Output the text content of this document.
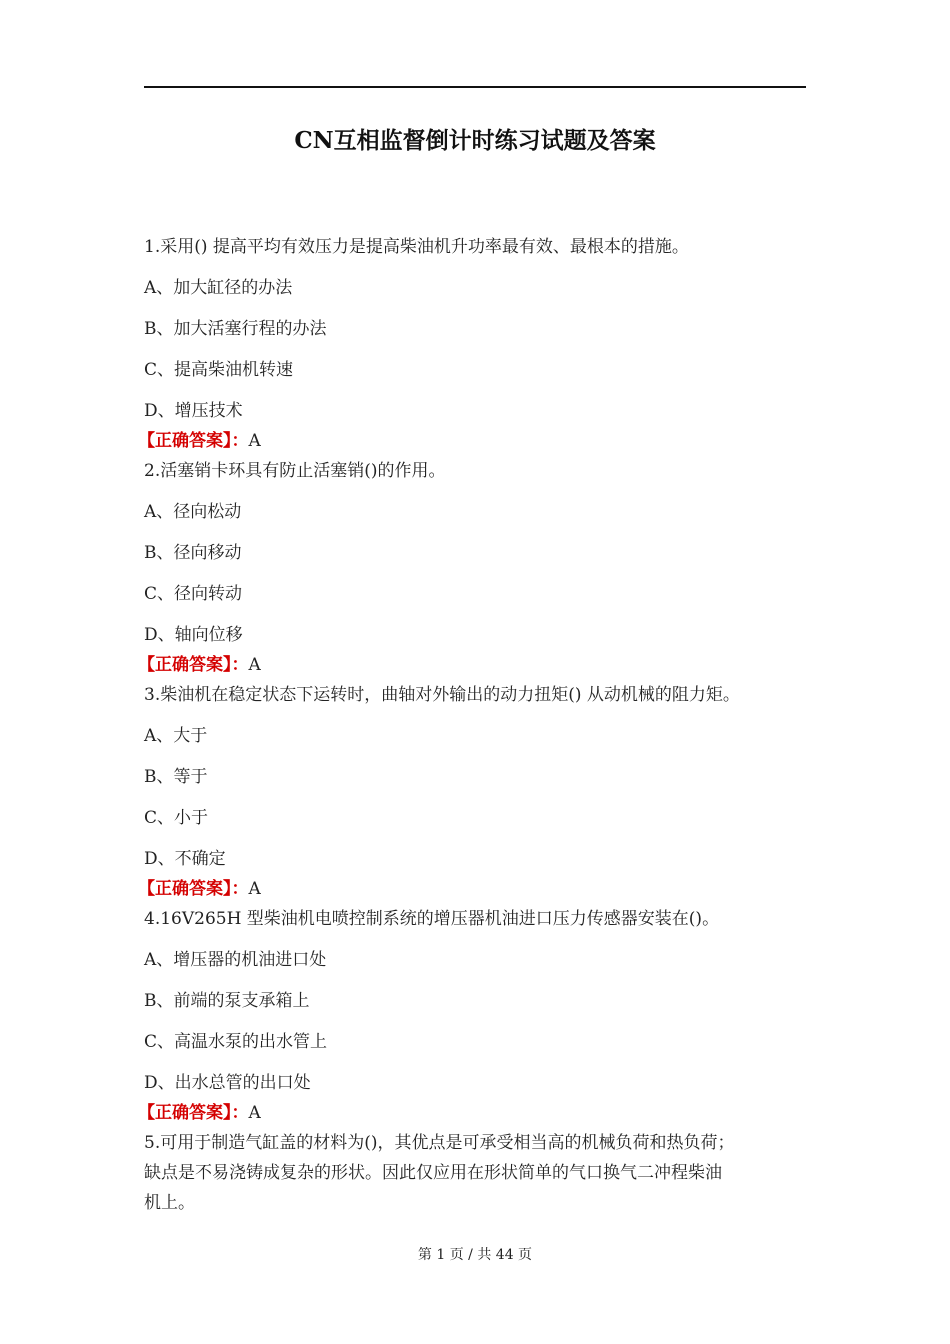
CN互相监督倒计时练习试题及答案
1.采用() 提高平均有效压力是提高柴油机升功率最有效、最根本的措施。
A、加大缸径的办法
B、加大活塞行程的办法
C、提高柴油机转速
D、增压技术
【正确答案】：A
2.活塞销卡环具有防止活塞销()的作用。
A、径向松动
B、径向移动
C、径向转动
D、轴向位移
【正确答案】：A
3.柴油机在稳定状态下运转时，曲轴对外输出的动力扭矩() 从动机械的阻力矩。
A、大于
B、等于
C、小于
D、不确定
【正确答案】：A
4.16V265H 型柴油机电喷控制系统的增压器机油进口压力传感器安装在()。
A、增压器的机油进口处
B、前端的泵支承箱上
C、高温水泵的出水管上
D、出水总管的出口处
【正确答案】：A
5.可用于制造气缸盖的材料为()，其优点是可承受相当高的机械负荷和热负荷；
缺点是不易浇铸成复杂的形状。因此仅应用在形状简单的气口换气二冲程柴油
机上。
第 1 页 / 共 44 页
